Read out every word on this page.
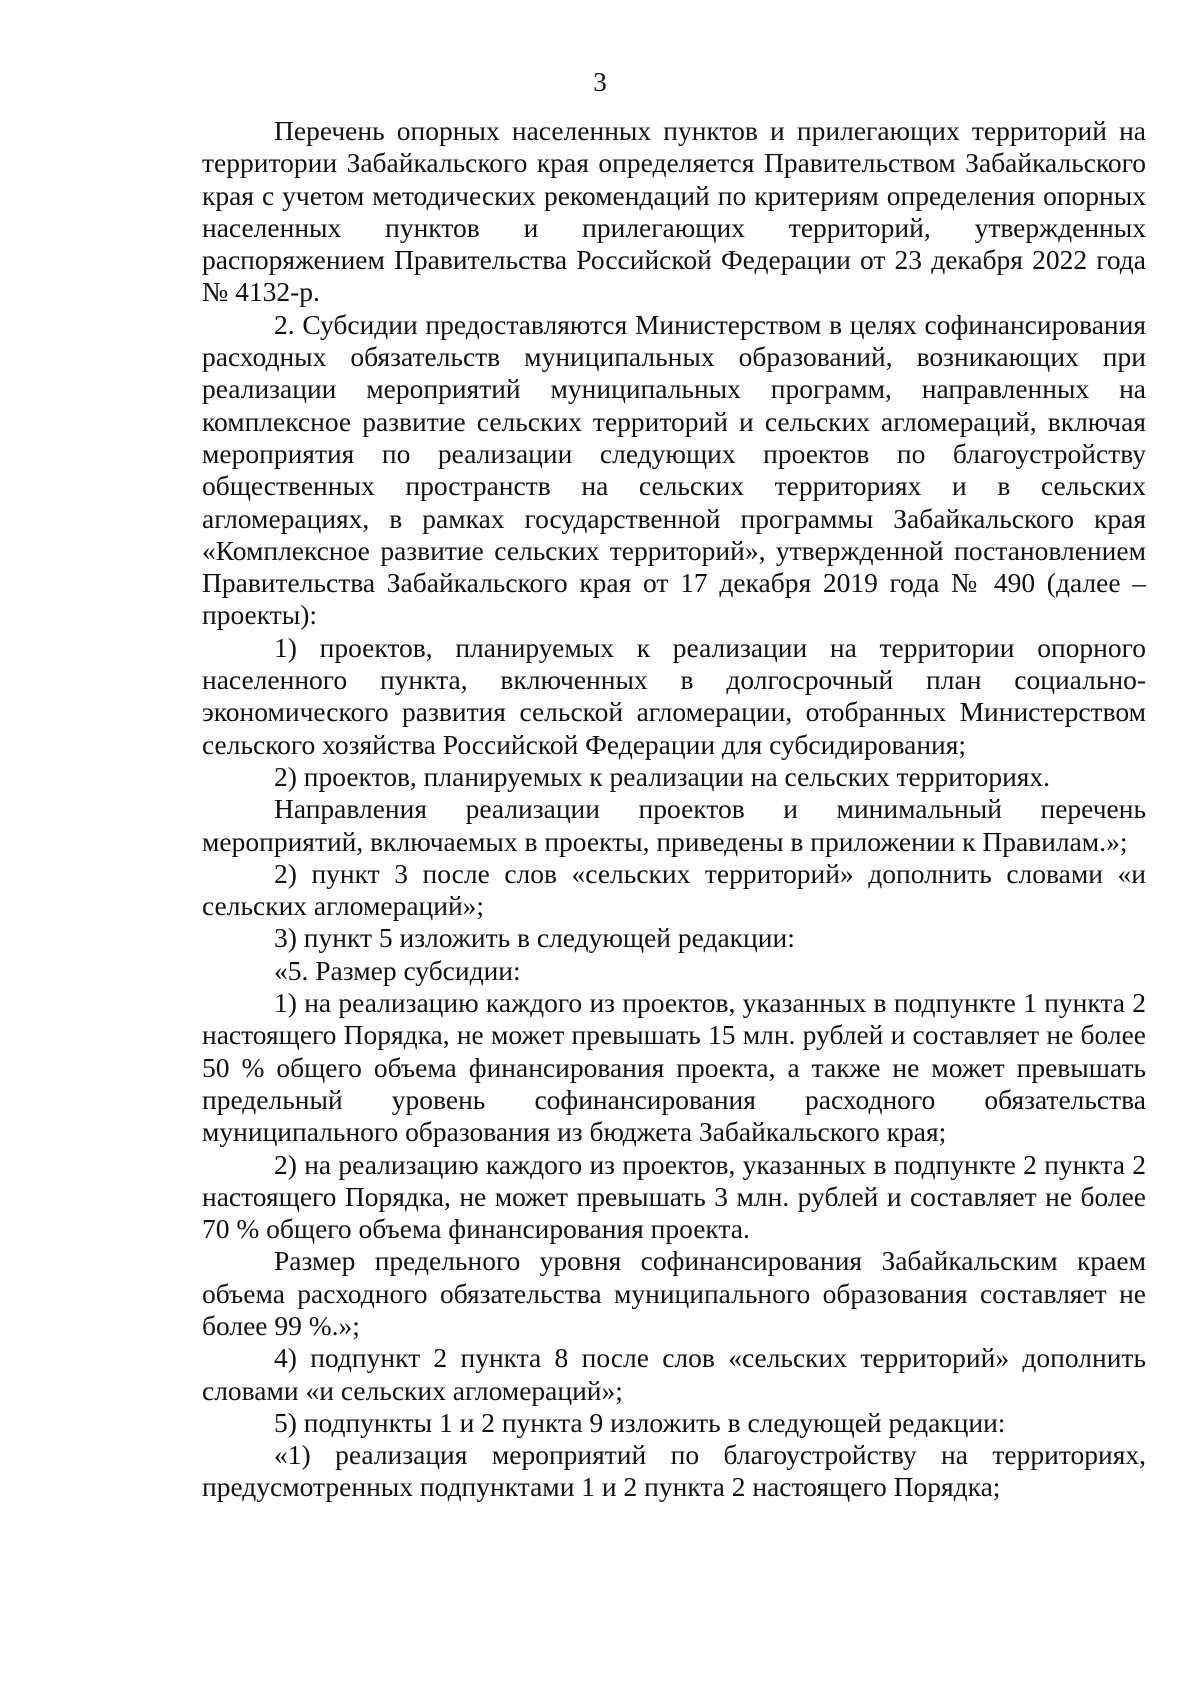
3

Перечень опорных населенных пунктов и прилегающих территорий на территории Забайкальского края определяется Правительством Забайкальского края с учетом методических рекомендаций по критериям определения опорных населенных пунктов и прилегающих территорий, утвержденных распоряжением Правительства Российской Федерации от 23 декабря 2022 года № 4132-р.

2. Субсидии предоставляются Министерством в целях софинансирования расходных обязательств муниципальных образований, возникающих при реализации мероприятий муниципальных программ, направленных на комплексное развитие сельских территорий и сельских агломераций, включая мероприятия по реализации следующих проектов по благоустройству общественных пространств на сельских территориях и в сельских агломерациях, в рамках государственной программы Забайкальского края «Комплексное развитие сельских территорий», утвержденной постановлением Правительства Забайкальского края от 17 декабря 2019 года № 490 (далее – проекты):

1) проектов, планируемых к реализации на территории опорного населенного пункта, включенных в долгосрочный план социально-экономического развития сельской агломерации, отобранных Министерством сельского хозяйства Российской Федерации для субсидирования;

2) проектов, планируемых к реализации на сельских территориях.

Направления реализации проектов и минимальный перечень мероприятий, включаемых в проекты, приведены в приложении к Правилам.»;

2) пункт 3 после слов «сельских территорий» дополнить словами «и сельских агломераций»;

3) пункт 5 изложить в следующей редакции:

«5. Размер субсидии:

1) на реализацию каждого из проектов, указанных в подпункте 1 пункта 2 настоящего Порядка, не может превышать 15 млн. рублей и составляет не более 50 % общего объема финансирования проекта, а также не может превышать предельный уровень софинансирования расходного обязательства муниципального образования из бюджета Забайкальского края;

2) на реализацию каждого из проектов, указанных в подпункте 2 пункта 2 настоящего Порядка, не может превышать 3 млн. рублей и составляет не более 70 % общего объема финансирования проекта.

Размер предельного уровня софинансирования Забайкальским краем объема расходного обязательства муниципального образования составляет не более 99 %.»;

4) подпункт 2 пункта 8 после слов «сельских территорий» дополнить словами «и сельских агломераций»;

5) подпункты 1 и 2 пункта 9 изложить в следующей редакции:

«1) реализация мероприятий по благоустройству на территориях, предусмотренных подпунктами 1 и 2 пункта 2 настоящего Порядка;
